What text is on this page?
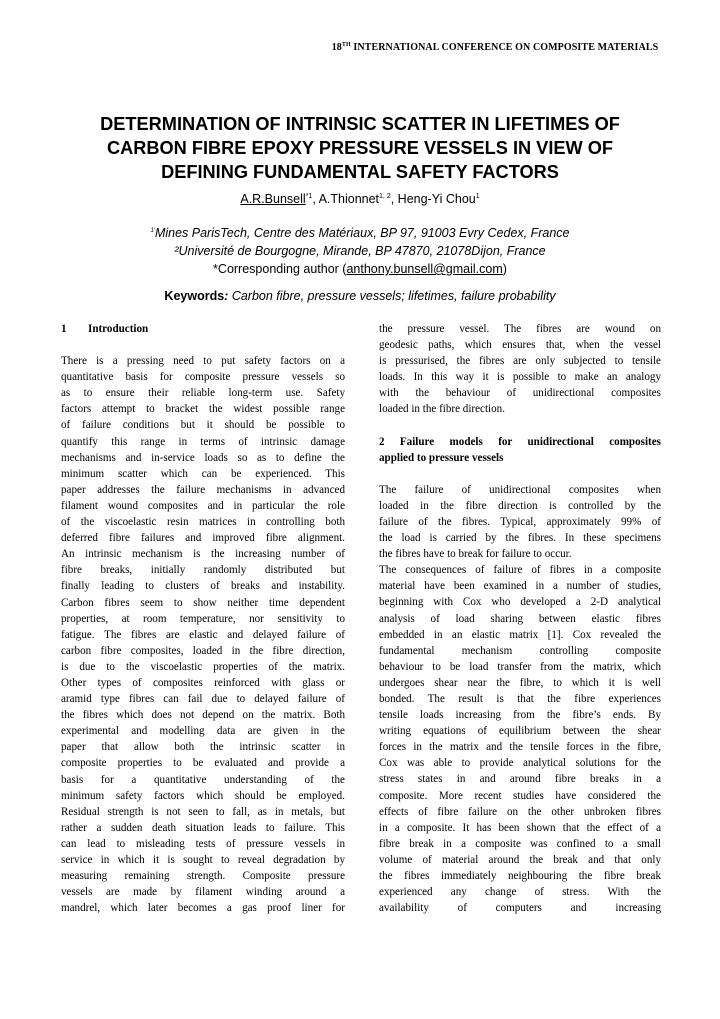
18TH INTERNATIONAL CONFERENCE ON COMPOSITE MATERIALS
DETERMINATION OF INTRINSIC SCATTER IN LIFETIMES OF
CARBON FIBRE EPOXY PRESSURE VESSELS IN VIEW OF
DEFINING FUNDAMENTAL SAFETY FACTORS
A.R.Bunsell$^{*1}$, A.Thionnet$^{1, 2}$, Heng-Yi Chou$^1$
$^{1'}$Mines ParisTech, Centre des Matériaux, BP 97, 91003 Evry Cedex, France
²Université de Bourgogne, Mirande, BP 47870, 21078Dijon, France
*Corresponding author (anthony.bunsell@gmail.com)
Keywords: Carbon fibre, pressure vessels; lifetimes, failure probability

1 Introduction

There is a pressing need to put safety factors on a

quantitative basis for composite pressure vessels so

as to ensure their reliable long-term use. Safety

factors attempt to bracket the widest possible range

of failure conditions but it should be possible to

quantify this range in terms of intrinsic damage

mechanisms and in-service loads so as to define the

minimum scatter which can be experienced. This

paper addresses the failure mechanisms in advanced

filament wound composites and in particular the role

of the viscoelastic resin matrices in controlling both

deferred fibre failures and improved fibre alignment.

An intrinsic mechanism is the increasing number of

fibre breaks, initially randomly distributed but

finally leading to clusters of breaks and instability.

Carbon fibres seem to show neither time dependent

properties, at room temperature, nor sensitivity to

fatigue. The fibres are elastic and delayed failure of

carbon fibre composites, loaded in the fibre direction,

is due to the viscoelastic properties of the matrix.

Other types of composites reinforced with glass or

aramid type fibres can fail due to delayed failure of

the fibres which does not depend on the matrix. Both

experimental and modelling data are given in the

paper that allow both the intrinsic scatter in

composite properties to be evaluated and provide a

basis for a quantitative understanding of the

minimum safety factors which should be employed.

Residual strength is not seen to fall, as in metals, but

rather a sudden death situation leads to failure. This

can lead to misleading tests of pressure vessels in

service in which it is sought to reveal degradation by

measuring remaining strength. Composite pressure

vessels are made by filament winding around a

mandrel, which later becomes a gas proof liner for

the pressure vessel. The fibres are wound on

geodesic paths, which ensures that, when the vessel

is pressurised, the fibres are only subjected to tensile

loads. In this way it is possible to make an analogy

with the behaviour of unidirectional composites

loaded in the fibre direction.

2 Failure models for unidirectional composites

applied to pressure vessels

The failure of unidirectional composites when

loaded in the fibre direction is controlled by the

failure of the fibres. Typical, approximately 99% of

the load is carried by the fibres. In these specimens

the fibres have to break for failure to occur.

The consequences of failure of fibres in a composite

material have been examined in a number of studies,

beginning with Cox who developed a 2-D analytical

analysis of load sharing between elastic fibres

embedded in an elastic matrix [1]. Cox revealed the

fundamental mechanism controlling composite

behaviour to be load transfer from the matrix, which

undergoes shear near the fibre, to which it is well

bonded. The result is that the fibre experiences

tensile loads increasing from the fibre’s ends. By

writing equations of equilibrium between the shear

forces in the matrix and the tensile forces in the fibre,

Cox was able to provide analytical solutions for the

stress states in and around fibre breaks in a

composite. More recent studies have considered the

effects of fibre failure on the other unbroken fibres

in a composite. It has been shown that the effect of a

fibre break in a composite was confined to a small

volume of material around the break and that only

the fibres immediately neighbouring the fibre break

experienced any change of stress. With the

availability of computers and increasing
